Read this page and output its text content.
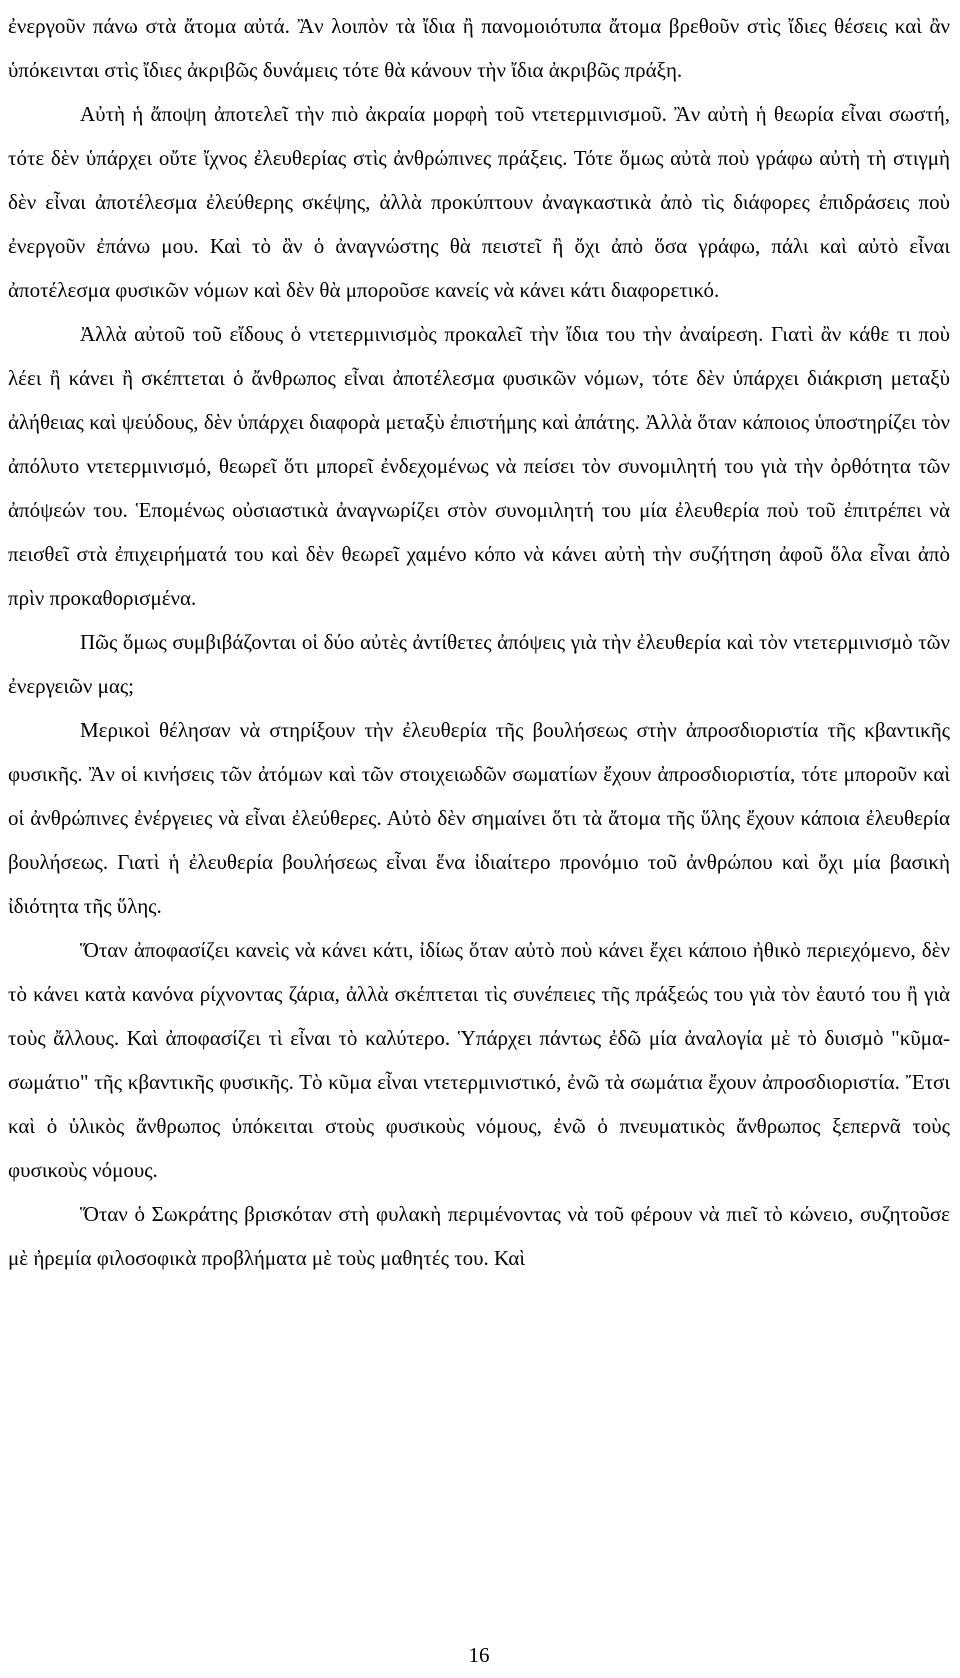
ἐνεργοῦν πάνω στὰ ἄτομα αὐτά. Ἂν λοιπὸν τὰ ἴδια ἢ πανομοιότυπα ἄτομα βρεθοῦν στὶς ἴδιες θέσεις καὶ ἂν ὑπόκεινται στὶς ἴδιες ἀκριβῶς δυνάμεις τότε θὰ κάνουν τὴν ἴδια ἀκριβῶς πράξη.

Αὐτὴ ἡ ἄποψη ἀποτελεῖ τὴν πιὸ ἀκραία μορφὴ τοῦ ντετερμινισμοῦ. Ἂν αὐτὴ ἡ θεωρία εἶναι σωστή, τότε δὲν ὑπάρχει οὔτε ἴχνος ἐλευθερίας στὶς ἀνθρώπινες πράξεις. Τότε ὅμως αὐτὰ ποὺ γράφω αὐτὴ τὴ στιγμὴ δὲν εἶναι ἀποτέλεσμα ἐλεύθερης σκέψης, ἀλλὰ προκύπτουν ἀναγκαστικὰ ἀπὸ τὶς διάφορες ἐπιδράσεις ποὺ ἐνεργοῦν ἐπάνω μου. Καὶ τὸ ἂν ὁ ἀναγνώστης θὰ πειστεῖ ἢ ὄχι ἀπὸ ὅσα γράφω, πάλι καὶ αὐτὸ εἶναι ἀποτέλεσμα φυσικῶν νόμων καὶ δὲν θὰ μποροῦσε κανείς νὰ κάνει κάτι διαφορετικό.

Ἀλλὰ αὐτοῦ τοῦ εἴδους ὁ ντετερμινισμὸς προκαλεῖ τὴν ἴδια του τὴν ἀναίρεση. Γιατὶ ἂν κάθε τι ποὺ λέει ἢ κάνει ἢ σκέπτεται ὁ ἄνθρωπος εἶναι ἀποτέλεσμα φυσικῶν νόμων, τότε δὲν ὑπάρχει διάκριση μεταξὺ ἀλήθειας καὶ ψεύδους, δὲν ὑπάρχει διαφορὰ μεταξὺ ἐπιστήμης καὶ ἀπάτης. Ἀλλὰ ὅταν κάποιος ὑποστηρίζει τὸν ἀπόλυτο ντετερμινισμό, θεωρεῖ ὅτι μπορεῖ ἐνδεχομένως νὰ πείσει τὸν συνομιλητή του γιὰ τὴν ὀρθότητα τῶν ἀπόψεών του. Ἑπομένως οὐσιαστικὰ ἀναγνωρίζει στὸν συνομιλητή του μία ἐλευθερία ποὺ τοῦ ἐπιτρέπει νὰ πεισθεῖ στὰ ἐπιχειρήματά του καὶ δὲν θεωρεῖ χαμένο κόπο νὰ κάνει αὐτὴ τὴν συζήτηση ἀφοῦ ὅλα εἶναι ἀπὸ πρὶν προκαθορισμένα.

Πῶς ὅμως συμβιβάζονται οἱ δύο αὐτὲς ἀντίθετες ἀπόψεις γιὰ τὴν ἐλευθερία καὶ τὸν ντετερμινισμὸ τῶν ἐνεργειῶν μας;

Μερικοὶ θέλησαν νὰ στηρίξουν τὴν ἐλευθερία τῆς βουλήσεως στὴν ἀπροσδιοριστία τῆς κβαντικῆς φυσικῆς. Ἂν οἱ κινήσεις τῶν ἀτόμων καὶ τῶν στοιχειωδῶν σωματίων ἔχουν ἀπροσδιοριστία, τότε μποροῦν καὶ οἱ ἀνθρώπινες ἐνέργειες νὰ εἶναι ἐλεύθερες. Αὐτὸ δὲν σημαίνει ὅτι τὰ ἄτομα τῆς ὕλης ἔχουν κάποια ἐλευθερία βουλήσεως. Γιατὶ ἡ ἐλευθερία βουλήσεως εἶναι ἕνα ἰδιαίτερο προνόμιο τοῦ ἀνθρώπου καὶ ὄχι μία βασικὴ ἰδιότητα τῆς ὕλης.

Ὅταν ἀποφασίζει κανεὶς νὰ κάνει κάτι, ἰδίως ὅταν αὐτὸ ποὺ κάνει ἔχει κάποιο ἠθικὸ περιεχόμενο, δὲν τὸ κάνει κατὰ κανόνα ρίχνοντας ζάρια, ἀλλὰ σκέπτεται τὶς συνέπειες τῆς πράξεώς του γιὰ τὸν ἑαυτό του ἢ γιὰ τοὺς ἄλλους. Καὶ ἀποφασίζει τὶ εἶναι τὸ καλύτερο. Ὑπάρχει πάντως ἐδῶ μία ἀναλογία μὲ τὸ δυισμὸ "κῦμα-σωμάτιο" τῆς κβαντικῆς φυσικῆς. Τὸ κῦμα εἶναι ντετερμινιστικό, ἐνῶ τὰ σωμάτια ἔχουν ἀπροσδιοριστία. Ἔτσι καὶ ὁ ὑλικὸς ἄνθρωπος ὑπόκειται στοὺς φυσικοὺς νόμους, ἐνῶ ὁ πνευματικὸς ἄνθρωπος ξεπερνᾶ τοὺς φυσικοὺς νόμους.

Ὅταν ὁ Σωκράτης βρισκόταν στὴ φυλακὴ περιμένοντας νὰ τοῦ φέρουν νὰ πιεῖ τὸ κώνειο, συζητοῦσε μὲ ἠρεμία φιλοσοφικὰ προβλήματα μὲ τοὺς μαθητές του. Καὶ

16
